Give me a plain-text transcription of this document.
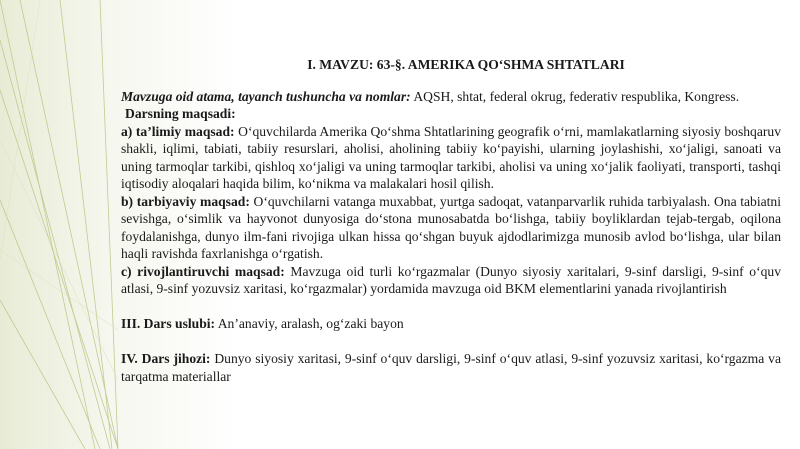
I. MAVZU: 63-§. AMERIKA QO‘SHMA SHTATLARI

Mavzuga oid atama, tayanch tushuncha va nomlar: AQSH, shtat, federal okrug, federativ respublika, Kongress.

Darsning maqsadi:

a) ta’limiy maqsad: O‘quvchilarda Amerika Qo‘shma Shtatlarining geografik o‘rni, mamlakatlarning siyosiy boshqaruv shakli, iqlimi, tabiati, tabiiy resurslari, aholisi, aholining tabiiy ko‘payishi, ularning joylashishi, xo‘jaligi, sanoati va uning tarmoqlar tarkibi, qishloq xo‘jaligi va uning tarmoqlar tarkibi, aholisi va uning xo‘jalik faoliyati, transporti, tashqi iqtisodiy aloqalari haqida bilim, ko‘nikma va malakalari hosil qilish.

b) tarbiyaviy maqsad: O‘quvchilarni vatanga muxabbat, yurtga sadoqat, vatanparvarlik ruhida tarbiyalash. Ona tabiatni sevishga, o‘simlik va hayvonot dunyosiga do‘stona munosabatda bo‘lishga, tabiiy boyliklardan tejab-tergab, oqilona foydalanishga, dunyo ilm-fani rivojiga ulkan hissa qo‘shgan buyuk ajdodlarimizga munosib avlod bo‘lishga, ular bilan haqli ravishda faxrlanishga o‘rgatish.

c) rivojlantiruvchi maqsad: Mavzuga oid turli ko‘rgazmalar (Dunyo siyosiy xaritalari, 9-sinf darsligi, 9-sinf o‘quv atlasi, 9-sinf yozuvsiz xaritasi, ko‘rgazmalar) yordamida mavzuga oid BKM elementlarini yanada rivojlantirish

III. Dars uslubi: An’anaviy, aralash, og‘zaki bayon

IV. Dars jihozi: Dunyo siyosiy xaritasi, 9-sinf o‘quv darsligi, 9-sinf o‘quv atlasi, 9-sinf yozuvsiz xaritasi, ko‘rgazma va tarqatma materiallar
